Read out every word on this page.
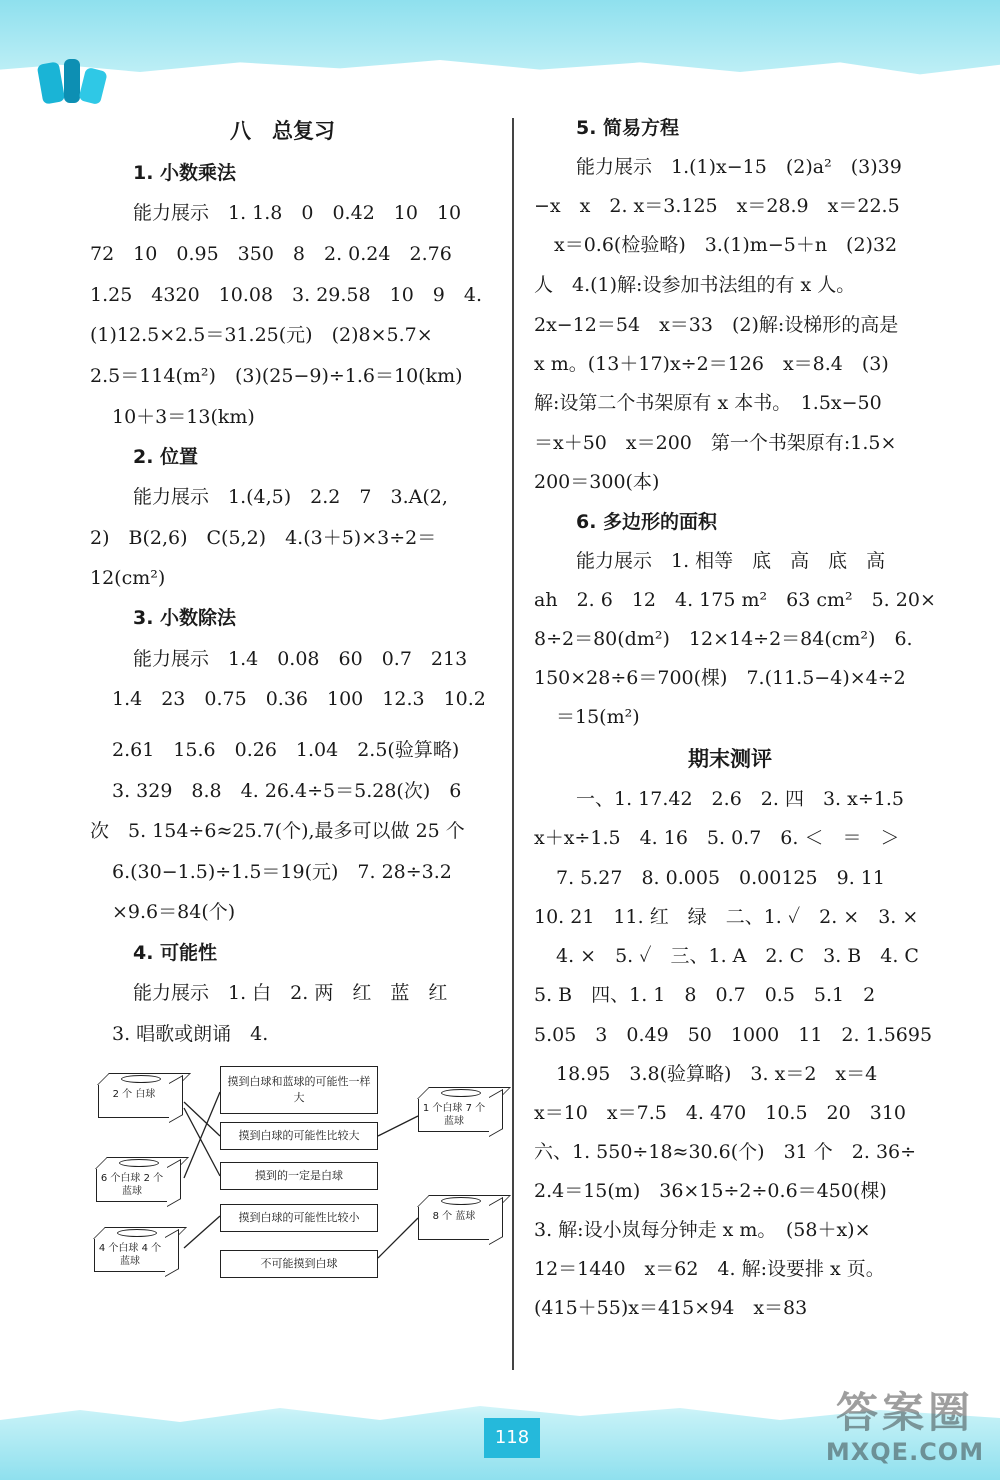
八　总复习
1. 小数乘法
能力展示　1. 1.8　0　0.42　10　10
72　10　0.95　350　8　2. 0.24　2.76
1.25　4320　10.08　3. 29.58　10　9　4.
(1)12.5×2.5＝31.25(元)　(2)8×5.7×
2.5＝114(m²)　(3)(25−9)÷1.6＝10(km)
10＋3＝13(km)
2. 位置
能力展示　1.(4,5)　2.2　7　3.A(2,
2)　B(2,6)　C(5,2)　4.(3＋5)×3÷2＝
12(cm²)
3. 小数除法
能力展示　1.4　0.08　60　0.7　213
1.4　23　0.75　0.36　100　12.3　10.2
2.61　15.6　0.2̇6　1.04　2.5(验算略)
3. 329　8.8　4. 26.4÷5＝5.28(次)　6
次　5. 154÷6≈25.7(个),最多可以做 25 个
6.(30−1.5)÷1.5＝19(元)　7. 28÷3.2
×9.6＝84(个)
4. 可能性
能力展示　1. 白　2. 两　红　蓝　红
3. 唱歌或朗诵　4.
2 个 白球
6 个白球 2 个蓝球
4 个白球 4 个蓝球
摸到白球和蓝球的可能性一样大
摸到白球的可能性比较大
摸到的一定是白球
摸到白球的可能性比较小
不可能摸到白球
1 个白球 7 个蓝球
8 个 蓝球
5. 简易方程
能力展示　1.(1)x−15　(2)a²　(3)39
−x　x　2. x＝3.125　x＝28.9　x＝22.5
x＝0.6(检验略)　3.(1)m−5＋n　(2)32
人　4.(1)解:设参加书法组的有 x 人。
2x−12＝54　x＝33　(2)解:设梯形的高是
x m。(13＋17)x÷2＝126　x＝8.4　(3)
解:设第二个书架原有 x 本书。　1.5x−50
＝x＋50　x＝200　第一个书架原有:1.5×
200＝300(本)
6. 多边形的面积
能力展示　1. 相等　底　高　底　高
ah　2. 6　12　4. 175 m²　63 cm²　5. 20×
8÷2＝80(dm²)　12×14÷2＝84(cm²)　6.
150×28÷6＝700(棵)　7.(11.5−4)×4÷2
＝15(m²)
期末测评
一、1. 17.42　2.6　2. 四　3. x÷1.5
x＋x÷1.5　4. 16　5. 0.7　6. ＜　＝　＞
7. 5.27　8. 0.005　0.00125　9. 11
10. 21　11. 红　绿　二、1. ✓　2. ×　3. ×
4. ×　5. ✓　三、1. A　2. C　3. B　4. C
5. B　四、1. 1　8　0.7　0.5　5.1　2
5.05　3　0.49　50　1000　11　2. 1.5695
18.95　3.8(验算略)　3. x＝2　x＝4
x＝10　x＝7.5　4. 470　10.5　20　310
六、1. 550÷18≈30.6(个)　31 个　2. 36÷
2.4＝15(m)　36×15÷2÷0.6＝450(棵)
3. 解:设小岚每分钟走 x m。　(58＋x)×
12＝1440　x＝62　4. 解:设要排 x 页。
(415＋55)x＝415×94　x＝83
118
答案圈
MXQE.COM
